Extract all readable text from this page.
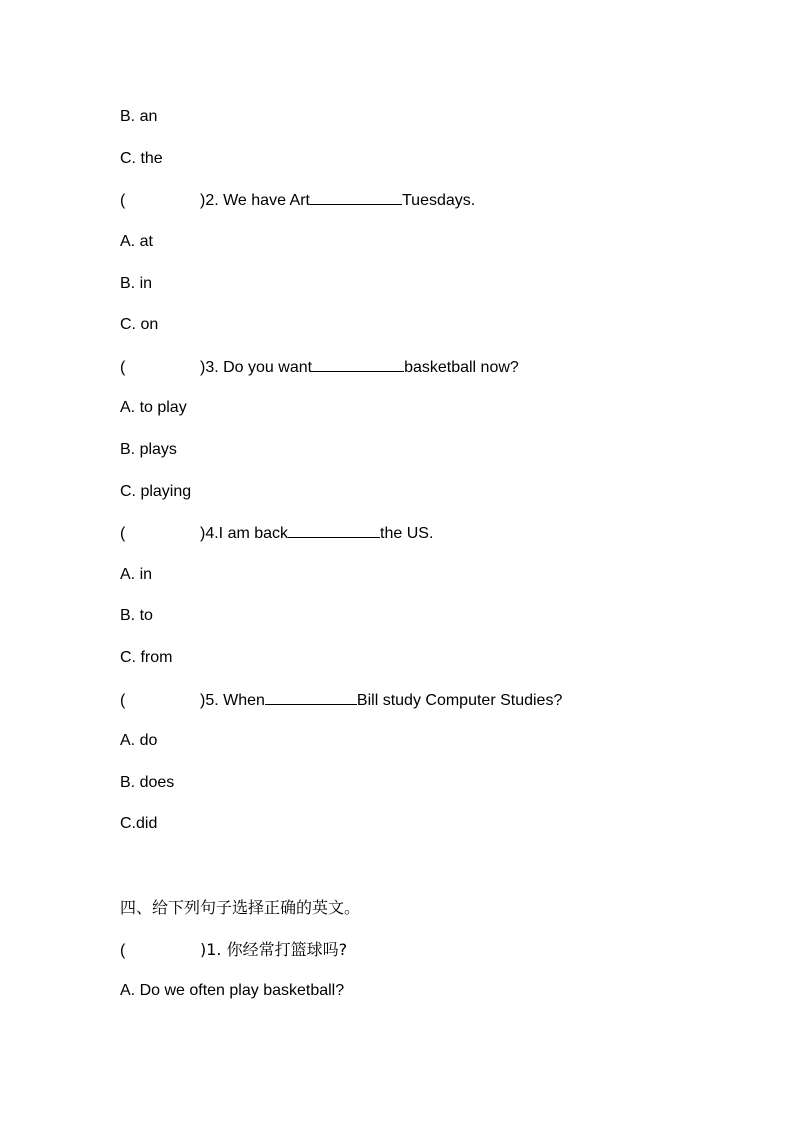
B. an
C. the
(	)2. We have Art	Tuesdays.
A. at
B. in
C. on
(	)3. Do you want	basketball now?
A. to play
B. plays
C. playing
(	)4.I am back	the US.
A. in
B. to
C. from
(	)5. When	Bill study Computer Studies?
A. do
B. does
C.did
四、给下列句子选择正确的英文。
(	)1. 你经常打篮球吗?
A. Do we often play basketball?
